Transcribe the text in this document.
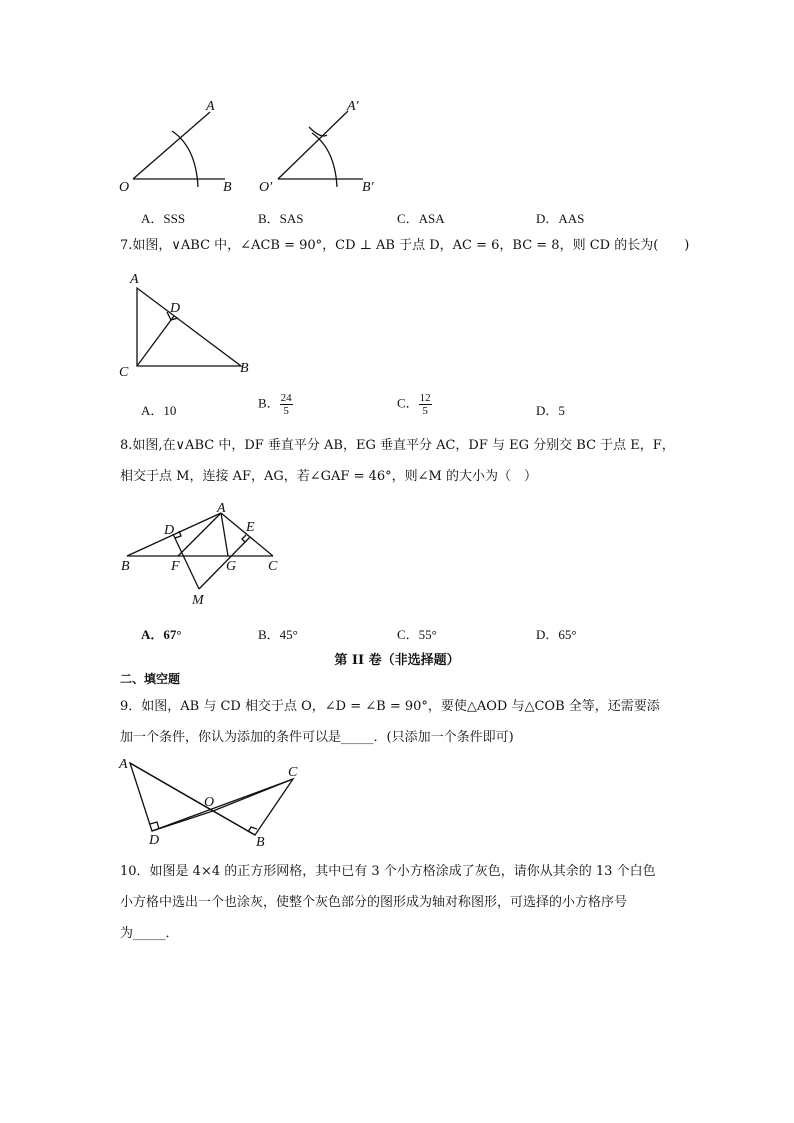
A
O	B
A′
O′	B′
A．SSS	B．SAS	C．ASA	D．AAS
7.如图，∨ABC 中，∠ACB = 90°，CD ⊥ AB 于点 D，AC = 6，BC = 8，则 CD 的长为(　　)
A
D
C	B
A．10
B． $\frac{24}{5}$	C． $\frac{12}{5}$	D．5
8.如图,在∨ABC 中，DF 垂直平分 AB，EG 垂直平分 AC，DF 与 EG 分别交 BC 于点 E，F，
相交于点 M，连接 AF，AG，若∠GAF = 46°，则∠M 的大小为（　）
A
D	E
B	F	G C
M
A．67°	B．45°	C．55°	D．65°
第 II 卷（非选择题）
二、填空题
9．如图，AB 与 CD 相交于点 O，∠D = ∠B = 90°，要使△AOD 与△COB 全等，还需要添
加一个条件，你认为添加的条件可以是_____．(只添加一个条件即可)
A
C
O
D	B
10．如图是 4×4 的正方形网格，其中已有 3 个小方格涂成了灰色，请你从其余的 13 个白色
小方格中选出一个也涂灰，使整个灰色部分的图形成为轴对称图形，可选择的小方格序号
为_____．
